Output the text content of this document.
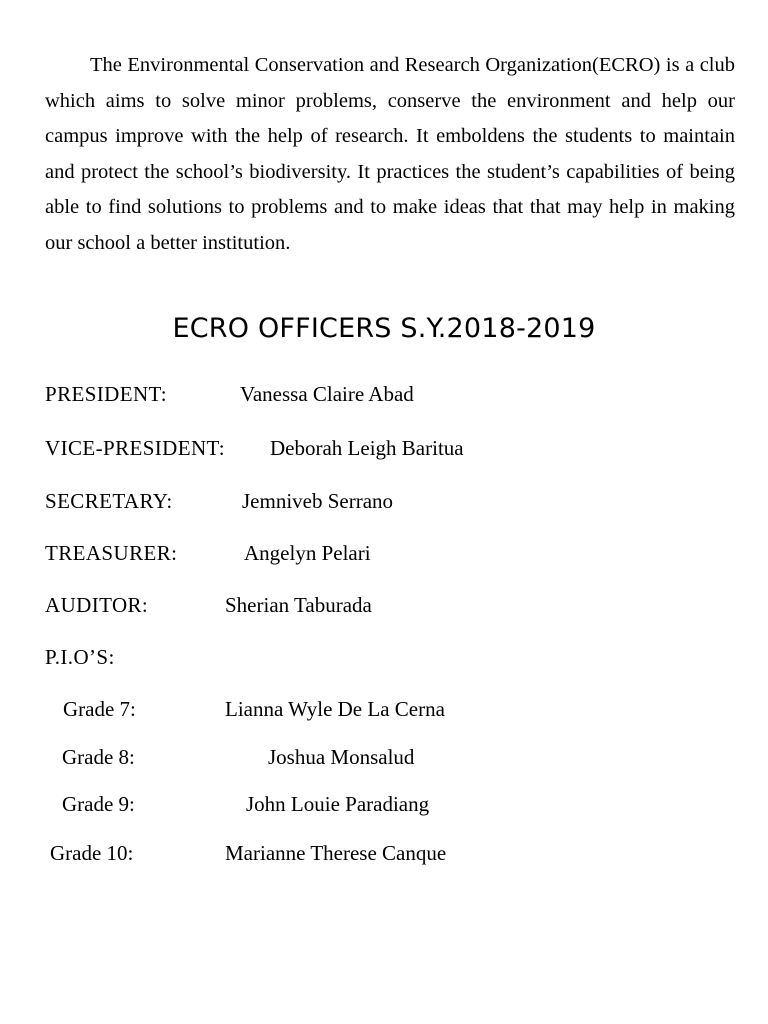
The Environmental Conservation and Research Organization(ECRO) is a club which aims to solve minor problems, conserve the environment and help our campus improve with the help of research. It emboldens the students to maintain and protect the school’s biodiversity. It practices the student’s capabilities of being able to find solutions to problems and to make ideas that that may help in making our school a better institution.

ECRO OFFICERS S.Y.2018-2019
PRESIDENT:	Vanessa Claire Abad
VICE-PRESIDENT: Deborah Leigh Baritua
SECRETARY:	Jemniveb Serrano
TREASURER:	Angelyn Pelari
AUDITOR:	Sherian Taburada
P.I.O’S:
Grade 7:	Lianna Wyle De La Cerna
Grade 8:	Joshua Monsalud
Grade 9:	John Louie Paradiang
Grade 10:	Marianne Therese Canque
